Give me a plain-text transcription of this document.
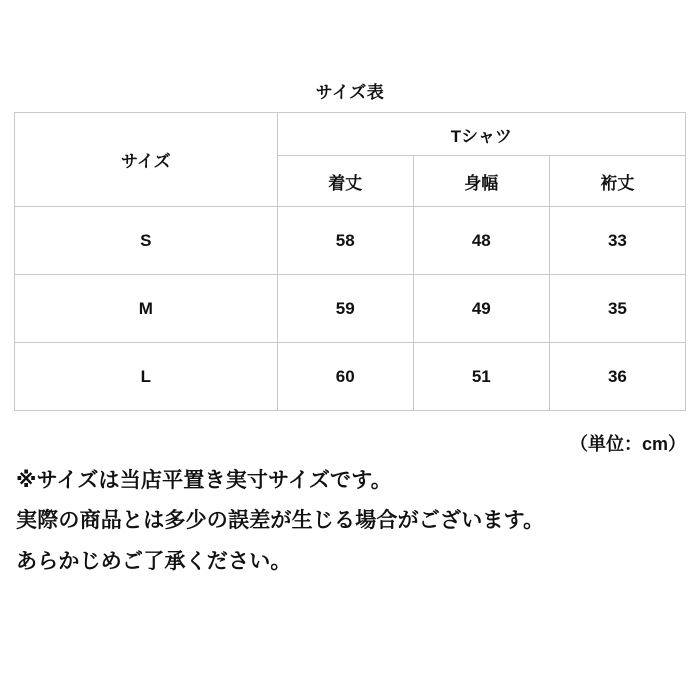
サイズ表
サイズ	Tシャツ		
	着丈	身幅	裄丈
S	58	48	33
M	59	49	35
L	60	51	36
（単位：cm）

※サイズは当店平置き実寸サイズです。

実際の商品とは多少の誤差が生じる場合がございます。

あらかじめご了承ください。
